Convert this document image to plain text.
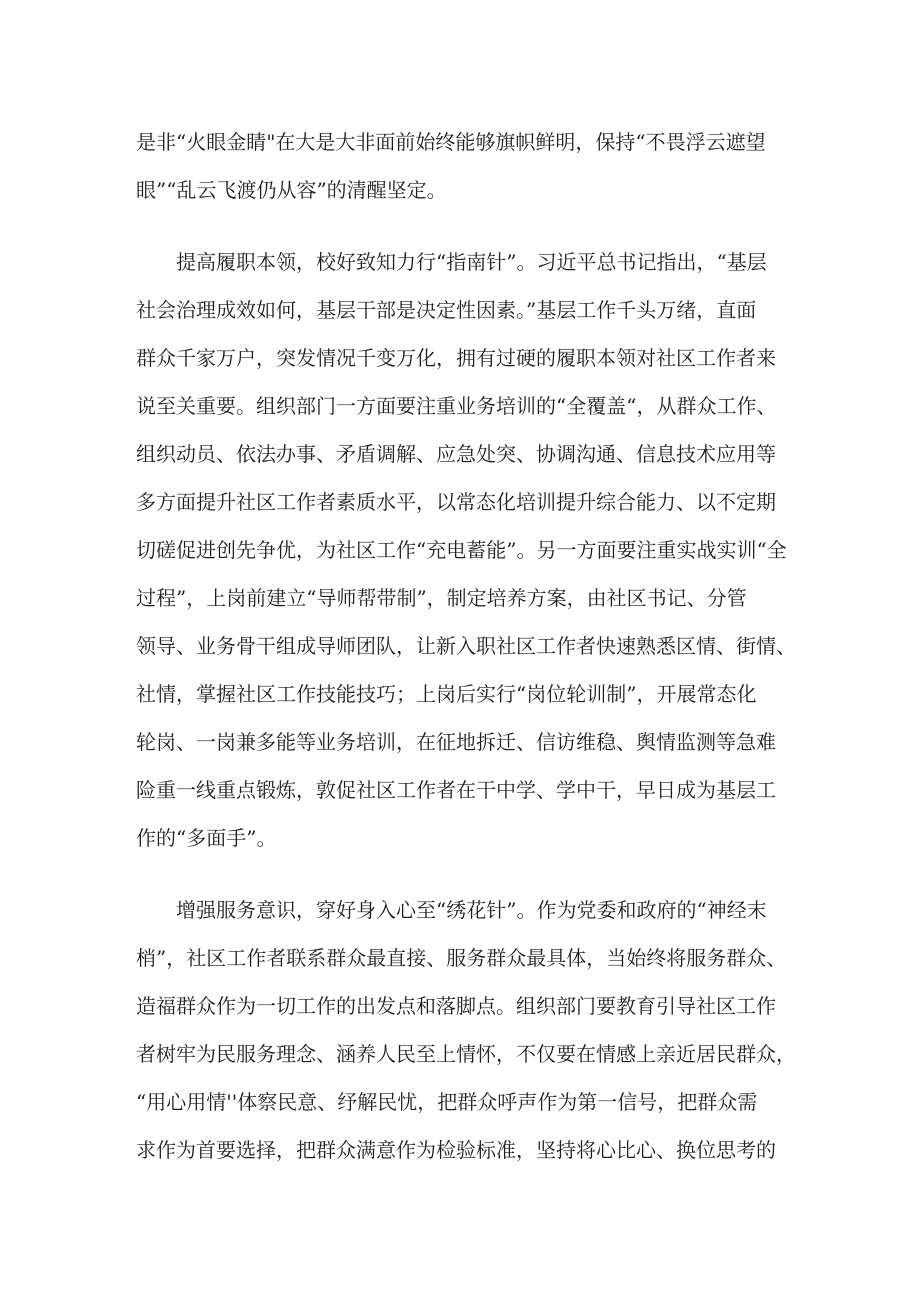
是非“火眼金睛"在大是大非面前始终能够旗帜鲜明，保持“不畏浮云遮望
眼”“乱云飞渡仍从容”的清醒坚定。
提高履职本领，校好致知力行“指南针”。习近平总书记指出，“基层
社会治理成效如何，基层干部是决定性因素。”基层工作千头万绪，直面
群众千家万户，突发情况千变万化，拥有过硬的履职本领对社区工作者来
说至关重要。组织部门一方面要注重业务培训的“全覆盖“，从群众工作、
组织动员、依法办事、矛盾调解、应急处突、协调沟通、信息技术应用等
多方面提升社区工作者素质水平，以常态化培训提升综合能力、以不定期
切磋促进创先争优，为社区工作“充电蓄能”。另一方面要注重实战实训“全
过程”，上岗前建立“导师帮带制”，制定培养方案，由社区书记、分管
领导、业务骨干组成导师团队，让新入职社区工作者快速熟悉区情、街情、
社情，掌握社区工作技能技巧；上岗后实行“岗位轮训制”，开展常态化
轮岗、一岗兼多能等业务培训，在征地拆迁、信访维稳、舆情监测等急难
险重一线重点锻炼，敦促社区工作者在干中学、学中干，早日成为基层工
作的“多面手”。
增强服务意识，穿好身入心至“绣花针”。作为党委和政府的“神经末
梢”，社区工作者联系群众最直接、服务群众最具体，当始终将服务群众、
造福群众作为一切工作的出发点和落脚点。组织部门要教育引导社区工作
者树牢为民服务理念、涵养人民至上情怀，不仅要在情感上亲近居民群众，
“用心用情''体察民意、纾解民忧，把群众呼声作为第一信号，把群众需
求作为首要选择，把群众满意作为检验标准，坚持将心比心、换位思考的
